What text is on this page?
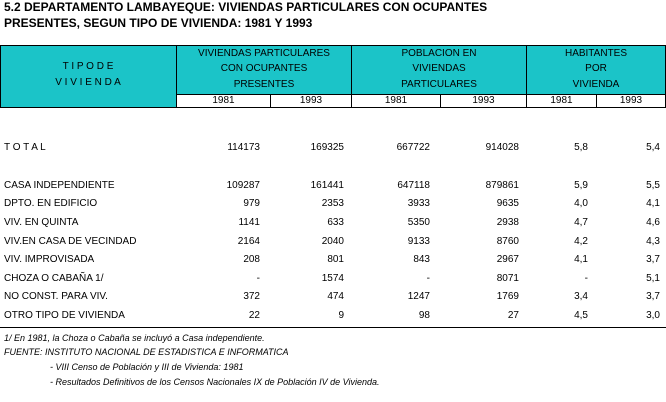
5.2 DEPARTAMENTO LAMBAYEQUE: VIVIENDAS PARTICULARES CON OCUPANTES
PRESENTES, SEGUN TIPO DE VIVIENDA: 1981 Y 1993
T I P O D E
V I V I E N D A
VIVIENDAS PARTICULARES
CON OCUPANTES
PRESENTES
POBLACION EN
VIVIENDAS
PARTICULARES
HABITANTES
POR
VIVIENDA
1981	1993	1981	1993	1981	1993
T O T A L	114173	169325	667722	914028	5,8	5,4
CASA INDEPENDIENTE	109287	161441	647118	879861	5,9	5,5
DPTO. EN EDIFICIO	979	2353	3933	9635	4,0	4,1
VIV. EN QUINTA	1141	633	5350	2938	4,7	4,6
VIV.EN CASA DE VECINDAD	2164	2040	9133	8760	4,2	4,3
VIV. IMPROVISADA	208	801	843	2967	4,1	3,7
CHOZA O CABAÑA 1/	-	1574	-	8071	-	5,1
NO CONST. PARA VIV.	372	474	1247	1769	3,4	3,7
OTRO TIPO DE VIVIENDA	22	9	98	27	4,5	3,0
1/ En 1981, la Choza o Cabaña se incluyó a Casa independiente.
FUENTE: INSTITUTO NACIONAL DE ESTADISTICA E INFORMATICA
- VIII Censo de Población y III de Vivienda: 1981
- Resultados Definitivos de los Censos Nacionales IX de Población IV de Vivienda.
